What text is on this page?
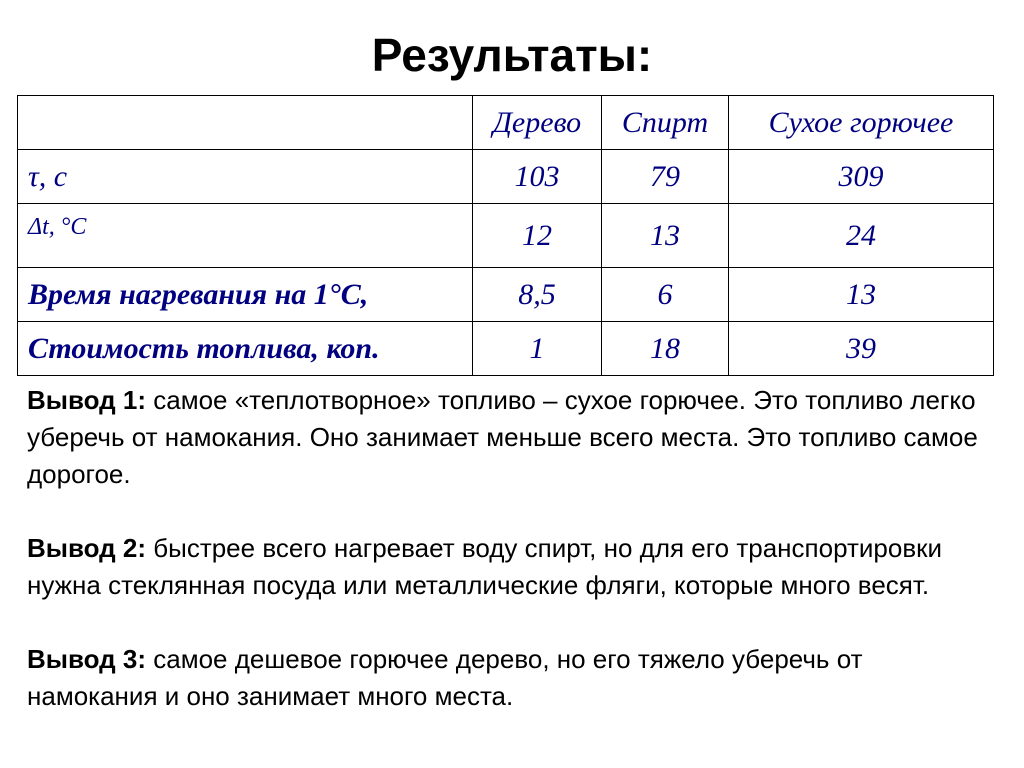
Результаты:
	Дерево	Спирт	Сухое горючее
τ, с	103	79	309
Δt, °C	12	13	24
Время нагревания на 1°C,	8,5	6	13
Стоимость топлива, коп.	1	18	39

Вывод 1: самое «теплотворное» топливо – сухое горючее. Это топливо легко уберечь от намокания. Оно занимает меньше всего места. Это топливо самое дорогое.

Вывод 2: быстрее всего нагревает воду спирт, но для его транспортировки нужна стеклянная посуда или металлические фляги, которые много весят.

Вывод 3: самое дешевое горючее дерево, но его тяжело уберечь от намокания и оно занимает много места.
